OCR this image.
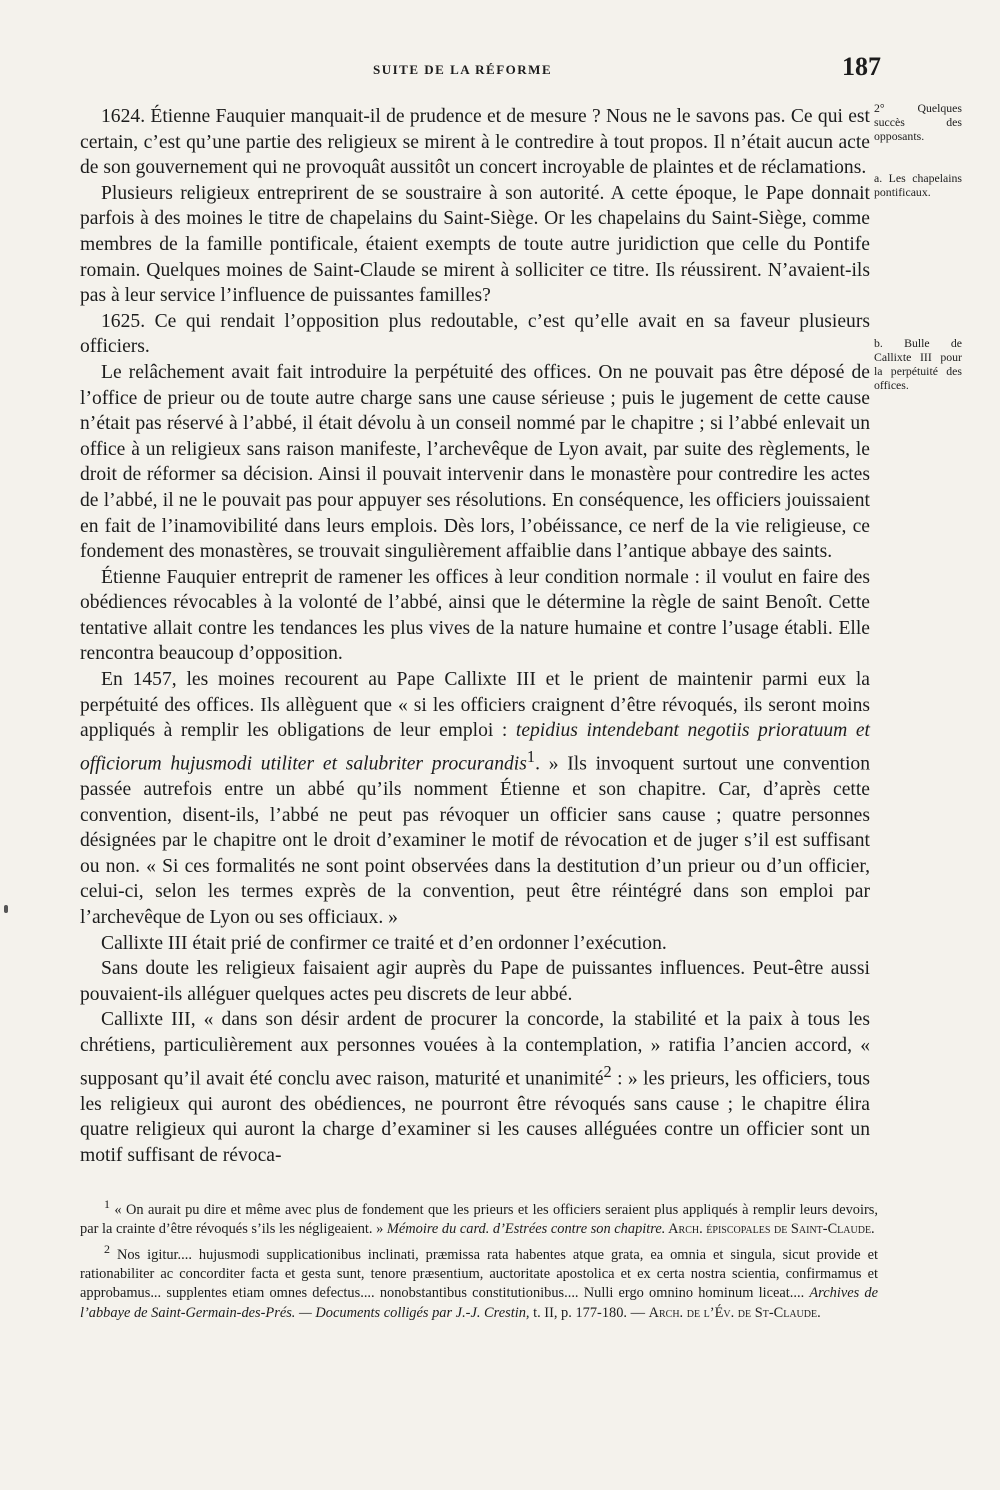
SUITE DE LA RÉFORME	187
2° Quelques succès des opposants.
a. Les chapelains pontificaux.
b. Bulle de Callixte III pour la perpétuité des offices.

1624. Étienne Fauquier manquait-il de prudence et de mesure ? Nous ne le savons pas. Ce qui est certain, c’est qu’une partie des religieux se mirent à le contredire à tout propos. Il n’était aucun acte de son gouvernement qui ne provoquât aussitôt un concert incroyable de plaintes et de réclamations.

Plusieurs religieux entreprirent de se soustraire à son autorité. A cette époque, le Pape donnait parfois à des moines le titre de chapelains du Saint-Siège. Or les chapelains du Saint-Siège, comme membres de la famille pontificale, étaient exempts de toute autre juridiction que celle du Pontife romain. Quelques moines de Saint-Claude se mirent à solliciter ce titre. Ils réussirent. N’avaient-ils pas à leur service l’influence de puissantes familles?

1625. Ce qui rendait l’opposition plus redoutable, c’est qu’elle avait en sa faveur plusieurs officiers.

Le relâchement avait fait introduire la perpétuité des offices. On ne pouvait pas être déposé de l’office de prieur ou de toute autre charge sans une cause sérieuse ; puis le jugement de cette cause n’était pas réservé à l’abbé, il était dévolu à un conseil nommé par le chapitre ; si l’abbé enlevait un office à un religieux sans raison manifeste, l’archevêque de Lyon avait, par suite des règlements, le droit de réformer sa décision. Ainsi il pouvait intervenir dans le monastère pour contredire les actes de l’abbé, il ne le pouvait pas pour appuyer ses résolutions. En conséquence, les officiers jouissaient en fait de l’inamovibilité dans leurs emplois. Dès lors, l’obéissance, ce nerf de la vie religieuse, ce fondement des monastères, se trouvait singulièrement affaiblie dans l’antique abbaye des saints.

Étienne Fauquier entreprit de ramener les offices à leur condition normale : il voulut en faire des obédiences révocables à la volonté de l’abbé, ainsi que le détermine la règle de saint Benoît. Cette tentative allait contre les tendances les plus vives de la nature humaine et contre l’usage établi. Elle rencontra beaucoup d’opposition.

En 1457, les moines recourent au Pape Callixte III et le prient de maintenir parmi eux la perpétuité des offices. Ils allèguent que « si les officiers craignent d’être révoqués, ils seront moins appliqués à remplir les obligations de leur emploi : tepidius intendebant negotiis prioratuum et officiorum hujusmodi utiliter et salubriter procurandis$^1$. » Ils invoquent surtout une convention passée autrefois entre un abbé qu’ils nomment Étienne et son chapitre. Car, d’après cette convention, disent-ils, l’abbé ne peut pas révoquer un officier sans cause ; quatre personnes désignées par le chapitre ont le droit d’examiner le motif de révocation et de juger s’il est suffisant ou non. « Si ces formalités ne sont point observées dans la destitution d’un prieur ou d’un officier, celui-ci, selon les termes exprès de la convention, peut être réintégré dans son emploi par l’archevêque de Lyon ou ses officiaux. »

Callixte III était prié de confirmer ce traité et d’en ordonner l’exécution.

Sans doute les religieux faisaient agir auprès du Pape de puissantes influences. Peut-être aussi pouvaient-ils alléguer quelques actes peu discrets de leur abbé.

Callixte III, « dans son désir ardent de procurer la concorde, la stabilité et la paix à tous les chrétiens, particulièrement aux personnes vouées à la contemplation, » ratifia l’ancien accord, « supposant qu’il avait été conclu avec raison, maturité et unanimité$^2$ : » les prieurs, les officiers, tous les religieux qui auront des obédiences, ne pourront être révoqués sans cause ; le chapitre élira quatre religieux qui auront la charge d’examiner si les causes alléguées contre un officier sont un motif suffisant de révoca-

$^1$ « On aurait pu dire et même avec plus de fondement que les prieurs et les officiers seraient plus appliqués à remplir leurs devoirs, par la crainte d’être révoqués s’ils les négligeaient. » Mémoire du card. d’Estrées contre son chapitre. Arch. épiscopales de Saint-Claude.

$^2$ Nos igitur.... hujusmodi supplicationibus inclinati, præmissa rata habentes atque grata, ea omnia et singula, sicut provide et rationabiliter ac concorditer facta et gesta sunt, tenore præsentium, auctoritate apostolica et ex certa nostra scientia, confirmamus et approbamus... supplentes etiam omnes defectus.... nonobstantibus constitutionibus.... Nulli ergo omnino hominum liceat.... Archives de l’abbaye de Saint-Germain-des-Prés. — Documents colligés par J.-J. Crestin, t. II, p. 177-180. — Arch. de l’Év. de St-Claude.
